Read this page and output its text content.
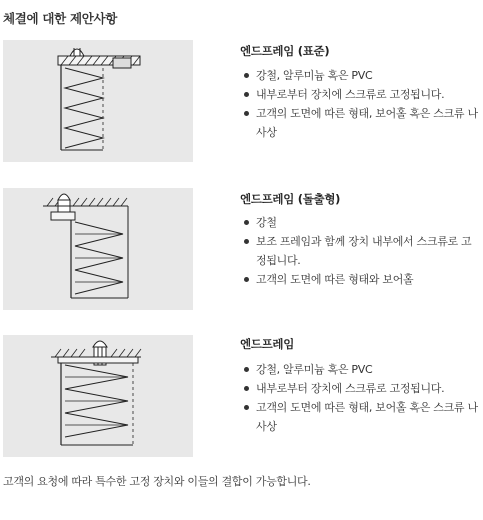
체결에 대한 제안사항
엔드프레임 (표준)
강철, 알루미늄 혹은 PVC
내부로부터 장치에 스크류로 고정됩니다.
고객의 도면에 따른 형태, 보어홀 혹은 스크류 나사상
엔드프레임 (돌출형)
강철
보조 프레임과 함께 장치 내부에서 스크류로 고정됩니다.
고객의 도면에 따른 형태와 보어홀
엔드프레임
강철, 알루미늄 혹은 PVC
내부로부터 장치에 스크류로 고정됩니다.
고객의 도면에 따른 형태, 보어홀 혹은 스크류 나사상
고객의 요청에 따라 특수한 고정 장치와 이들의 결합이 가능합니다.
